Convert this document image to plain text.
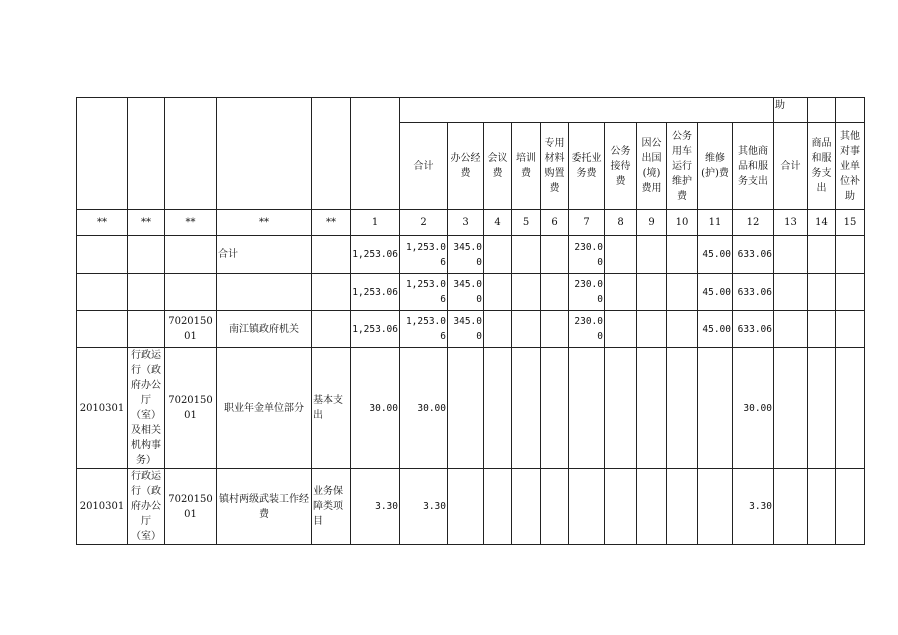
																	助		
						合计	办公经费	会议费	培训费	专用材料购置费	委托业务费	公务接待费	因公出国(境)费用	公务用车运行维护费	维修(护)费	其他商品和服务支出	合计	商品和服务支出	其他对事业单位补助
**	**	**	**	**	1	2	3	4	5	6	7	8	9	10	11	12	13	14	15
			合计		1,253.06	1,253.06	345.00				230.00				45.00	633.06			
					1,253.06	1,253.06	345.00				230.00				45.00	633.06			
		702015001	南江镇政府机关		1,253.06	1,253.06	345.00				230.00				45.00	633.06			
2010301	行政运行（政府办公厅（室）及相关机构事务）	702015001	职业年金单位部分	基本支出	30.00	30.00										30.00			
2010301	行政运行（政府办公厅（室）	702015001	镇村两级武装工作经费	业务保障类项目	3.30	3.30										3.30			
